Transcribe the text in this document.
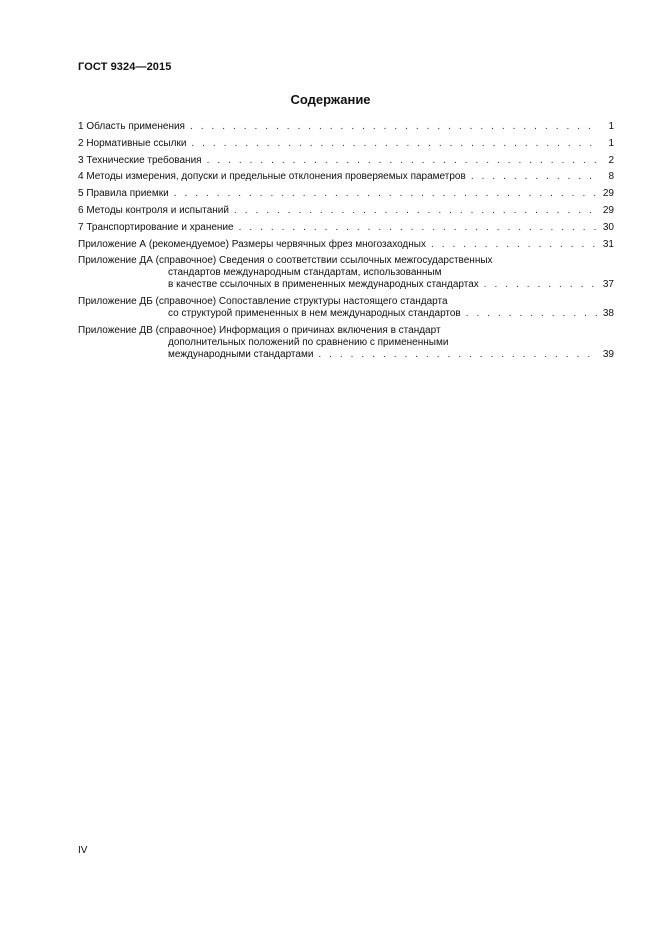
ГОСТ 9324—2015
Содержание
1 Область применения . . .	1
2 Нормативные ссылки . . .	1
3 Технические требования . . .	2
4 Методы измерения, допуски и предельные отклонения проверяемых параметров . . .	8
5 Правила приемки . . .	29
6 Методы контроля и испытаний . . .	29
7 Транспортирование и хранение . . .	30
Приложение А (рекомендуемое) Размеры червячных фрез многозаходных . . .	31
Приложение ДА (справочное) Сведения о соответствии ссылочных межгосударственных
стандартов международным стандартам, использованным
в качестве ссылочных в примененных международных стандартах . . .	37
Приложение ДБ (справочное) Сопоставление структуры настоящего стандарта
со структурой примененных в нем международных стандартов . . .	38
Приложение ДВ (справочное) Информация о причинах включения в стандарт
дополнительных положений по сравнению с примененными
международными стандартами . . .	39
IV
